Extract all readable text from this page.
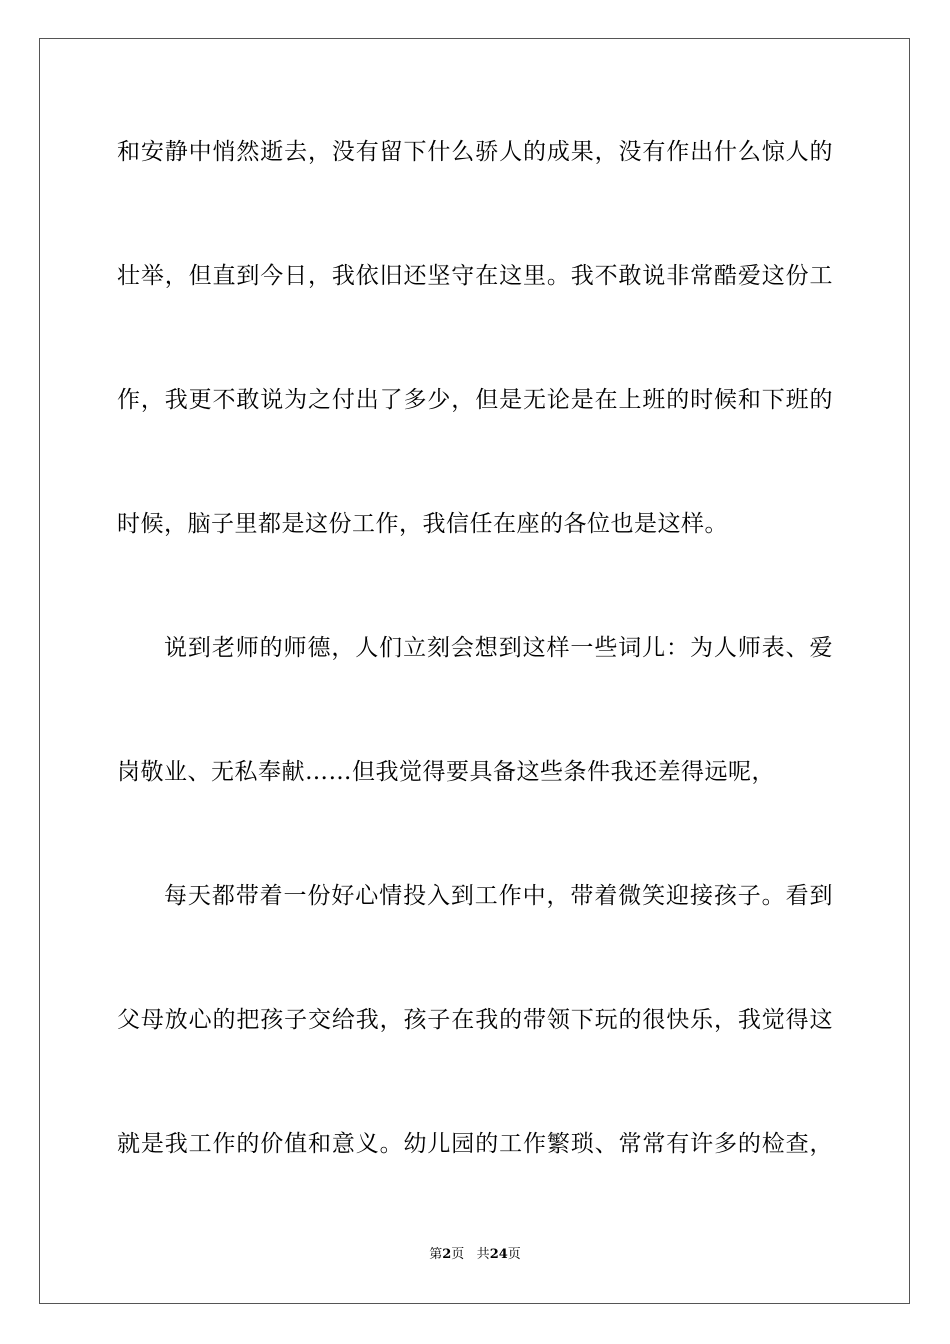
和安静中悄然逝去，没有留下什么骄人的成果，没有作出什么惊人的
壮举，但直到今日，我依旧还坚守在这里。我不敢说非常酷爱这份工
作，我更不敢说为之付出了多少，但是无论是在上班的时候和下班的
时候，脑子里都是这份工作，我信任在座的各位也是这样。
说到老师的师德，人们立刻会想到这样一些词儿：为人师表、爱
岗敬业、无私奉献……但我觉得要具备这些条件我还差得远呢，
每天都带着一份好心情投入到工作中，带着微笑迎接孩子。看到
父母放心的把孩子交给我，孩子在我的带领下玩的很快乐，我觉得这
就是我工作的价值和意义。幼儿园的工作繁琐、常常有许多的检查，
第2页 共24页
